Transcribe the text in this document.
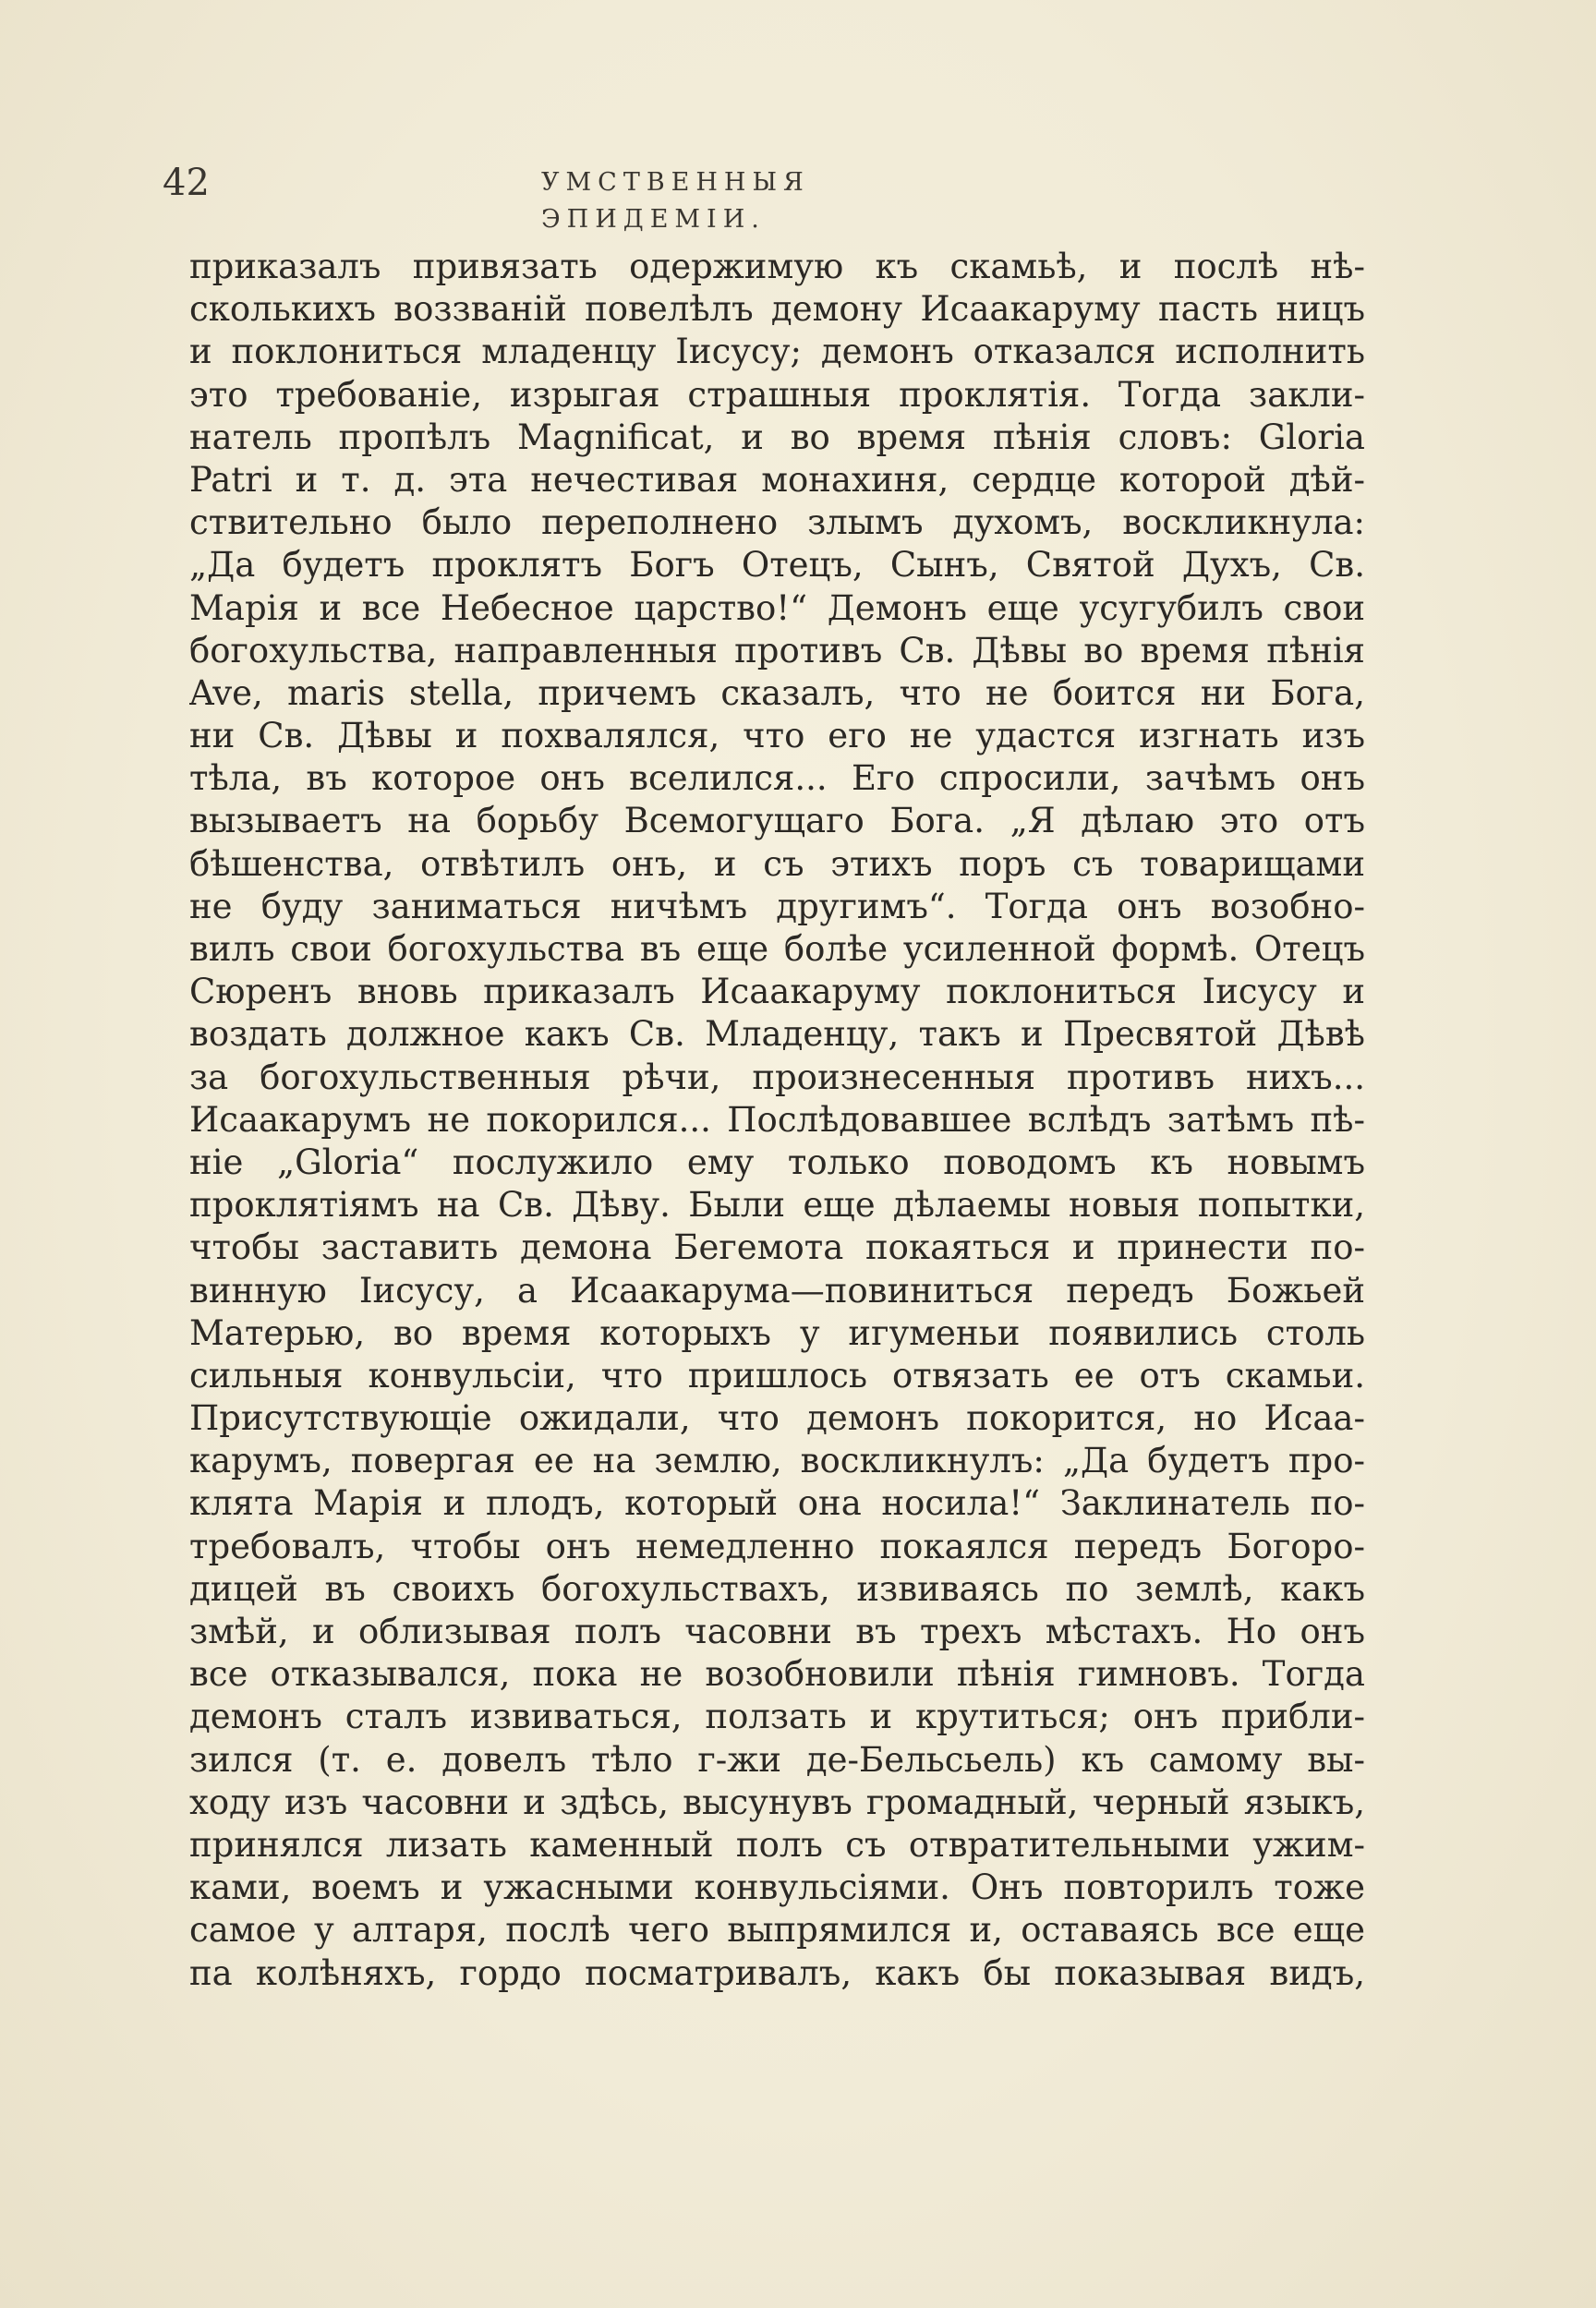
42	УМСТВЕННЫЯ ЭПИДЕМІИ.
приказалъ привязать одержимую къ скамьѣ, и послѣ нѣ-
сколькихъ воззваній повелѣлъ демону Исаакаруму пасть ницъ
и поклониться младенцу Іисусу; демонъ отказался исполнить
это требованіе, изрыгая страшныя проклятія. Тогда закли-
натель пропѣлъ Magnificat, и во время пѣнія словъ: Gloria
Patri и т. д. эта нечестивая монахиня, сердце которой дѣй-
ствительно было переполнено злымъ духомъ, воскликнула:
„Да будетъ проклятъ Богъ Отецъ, Сынъ, Святой Духъ, Св.
Марія и все Небесное царство!“ Демонъ еще усугубилъ свои
богохульства, направленныя противъ Св. Дѣвы во время пѣнія
Ave, maris stella, причемъ сказалъ, что не боится ни Бога,
ни Св. Дѣвы и похвалялся, что его не удастся изгнать изъ
тѣла, въ которое онъ вселился... Его спросили, зачѣмъ онъ
вызываетъ на борьбу Всемогущаго Бога. „Я дѣлаю это отъ
бѣшенства, отвѣтилъ онъ, и съ этихъ поръ съ товарищами
не буду заниматься ничѣмъ другимъ“. Тогда онъ возобно-
вилъ свои богохульства въ еще болѣе усиленной формѣ. Отецъ
Сюренъ вновь приказалъ Исаакаруму поклониться Іисусу и
воздать должное какъ Св. Младенцу, такъ и Пресвятой Дѣвѣ
за богохульственныя рѣчи, произнесенныя противъ нихъ...
Исаакарумъ не покорился... Послѣдовавшее вслѣдъ затѣмъ пѣ-
ніе „Gloria“ послужило ему только поводомъ къ новымъ
проклятіямъ на Св. Дѣву. Были еще дѣлаемы новыя попытки,
чтобы заставить демона Бегемота покаяться и принести по-
винную Іисусу, а Исаакарума—повиниться передъ Божьей
Матерью, во время которыхъ у игуменьи появились столь
сильныя конвульсіи, что пришлось отвязать ее отъ скамьи.
Присутствующіе ожидали, что демонъ покорится, но Исаа-
карумъ, повергая ее на землю, воскликнулъ: „Да будетъ про-
клята Марія и плодъ, который она носила!“ Заклинатель по-
требовалъ, чтобы онъ немедленно покаялся передъ Богоро-
дицей въ своихъ богохульствахъ, извиваясь по землѣ, какъ
змѣй, и облизывая полъ часовни въ трехъ мѣстахъ. Но онъ
все отказывался, пока не возобновили пѣнія гимновъ. Тогда
демонъ сталъ извиваться, ползать и крутиться; онъ прибли-
зился (т. е. довелъ тѣло г-жи де-Бельсьель) къ самому вы-
ходу изъ часовни и здѣсь, высунувъ громадный, черный языкъ,
принялся лизать каменный полъ съ отвратительными ужим-
ками, воемъ и ужасными конвульсіями. Онъ повторилъ тоже
самое у алтаря, послѣ чего выпрямился и, оставаясь все еще
па колѣняхъ, гордо посматривалъ, какъ бы показывая видъ,
